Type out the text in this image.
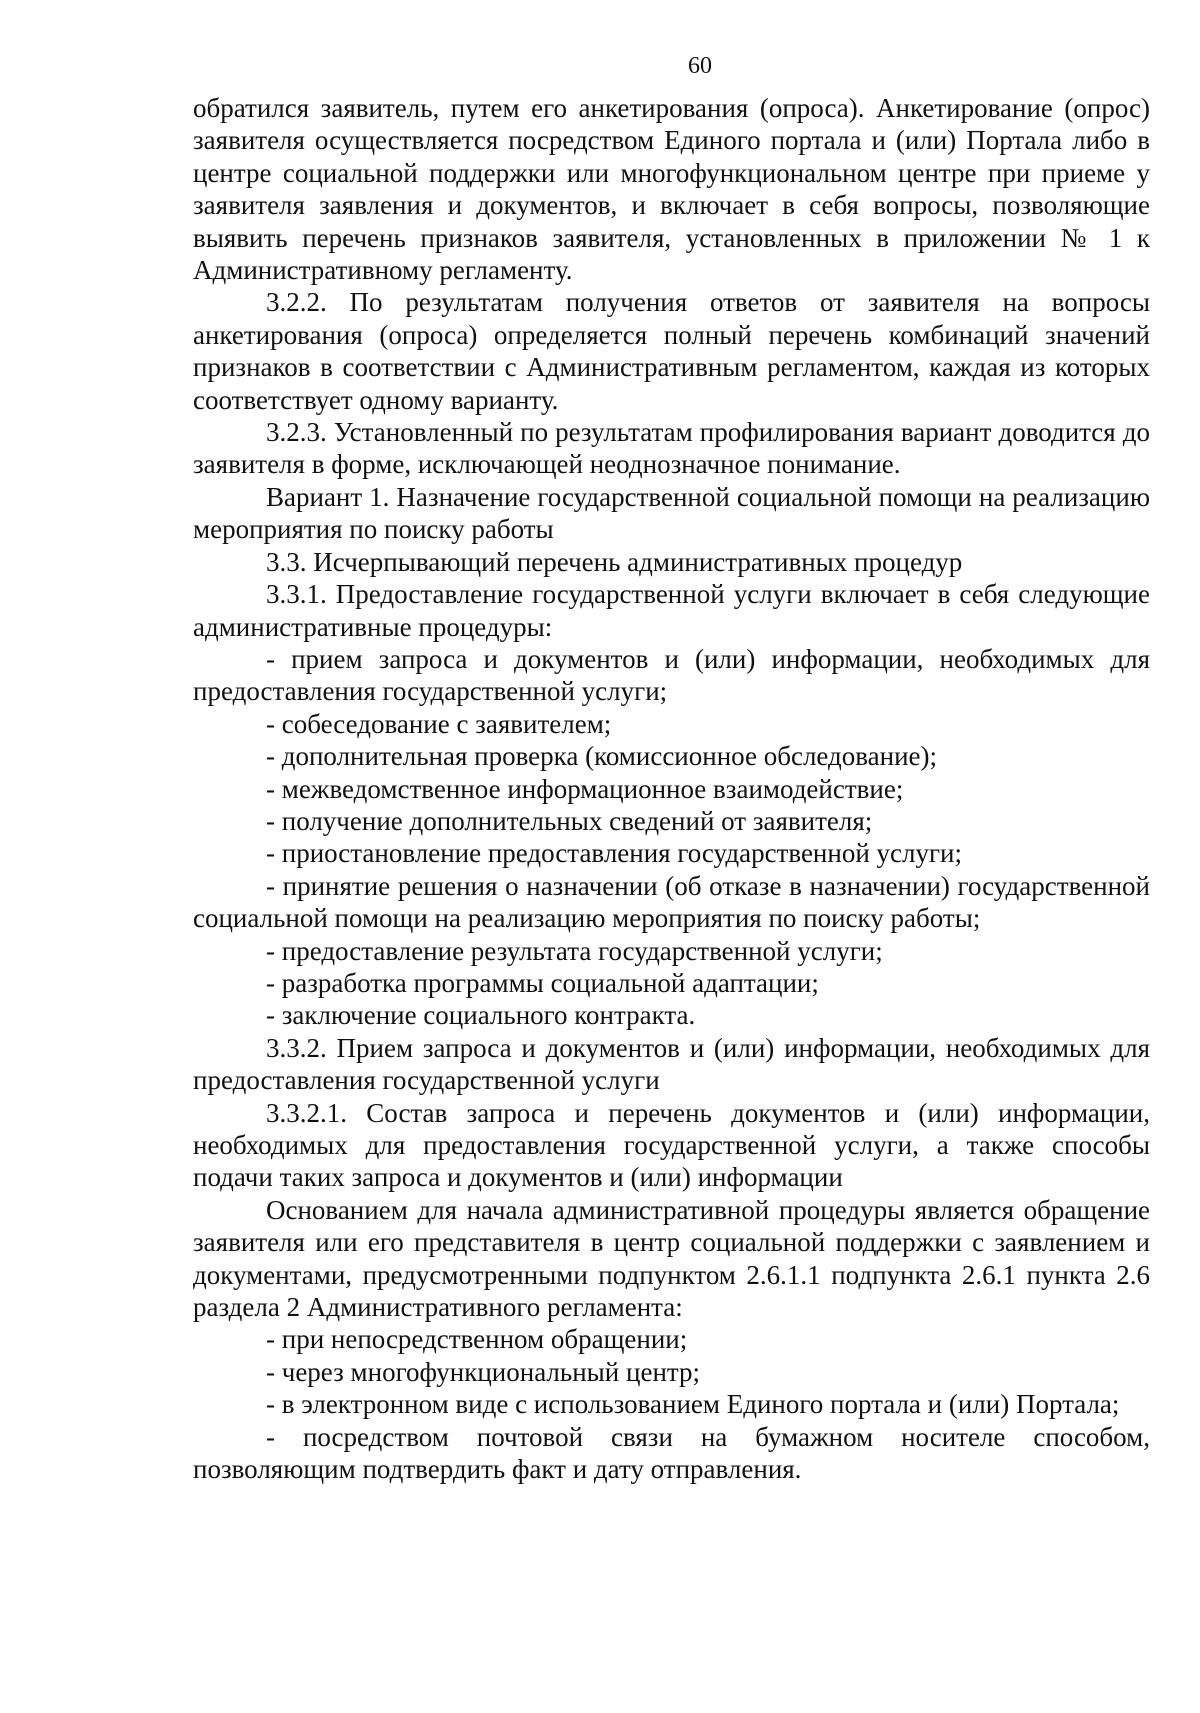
60

обратился заявитель, путем его анкетирования (опроса). Анкетирование (опрос) заявителя осуществляется посредством Единого портала и (или) Портала либо в центре социальной поддержки или многофункциональном центре при приеме у заявителя заявления и документов, и включает в себя вопросы, позволяющие выявить перечень признаков заявителя, установленных в приложении № 1 к Административному регламенту.

3.2.2. По результатам получения ответов от заявителя на вопросы анкетирования (опроса) определяется полный перечень комбинаций значений признаков в соответствии с Административным регламентом, каждая из которых соответствует одному варианту.

3.2.3. Установленный по результатам профилирования вариант доводится до заявителя в форме, исключающей неоднозначное понимание.

Вариант 1. Назначение государственной социальной помощи на реализацию мероприятия по поиску работы

3.3. Исчерпывающий перечень административных процедур

3.3.1. Предоставление государственной услуги включает в себя следующие административные процедуры:

- прием запроса и документов и (или) информации, необходимых для предоставления государственной услуги;

- собеседование с заявителем;

- дополнительная проверка (комиссионное обследование);

- межведомственное информационное взаимодействие;

- получение дополнительных сведений от заявителя;

- приостановление предоставления государственной услуги;

- принятие решения о назначении (об отказе в назначении) государственной социальной помощи на реализацию мероприятия по поиску работы;

- предоставление результата государственной услуги;

- разработка программы социальной адаптации;

- заключение социального контракта.

3.3.2. Прием запроса и документов и (или) информации, необходимых для предоставления государственной услуги

3.3.2.1. Состав запроса и перечень документов и (или) информации, необходимых для предоставления государственной услуги, а также способы подачи таких запроса и документов и (или) информации

Основанием для начала административной процедуры является обращение заявителя или его представителя в центр социальной поддержки с заявлением и документами, предусмотренными подпунктом 2.6.1.1 подпункта 2.6.1 пункта 2.6 раздела 2 Административного регламента:

- при непосредственном обращении;

- через многофункциональный центр;

- в электронном виде с использованием Единого портала и (или) Портала;

- посредством почтовой связи на бумажном носителе способом, позволяющим подтвердить факт и дату отправления.
